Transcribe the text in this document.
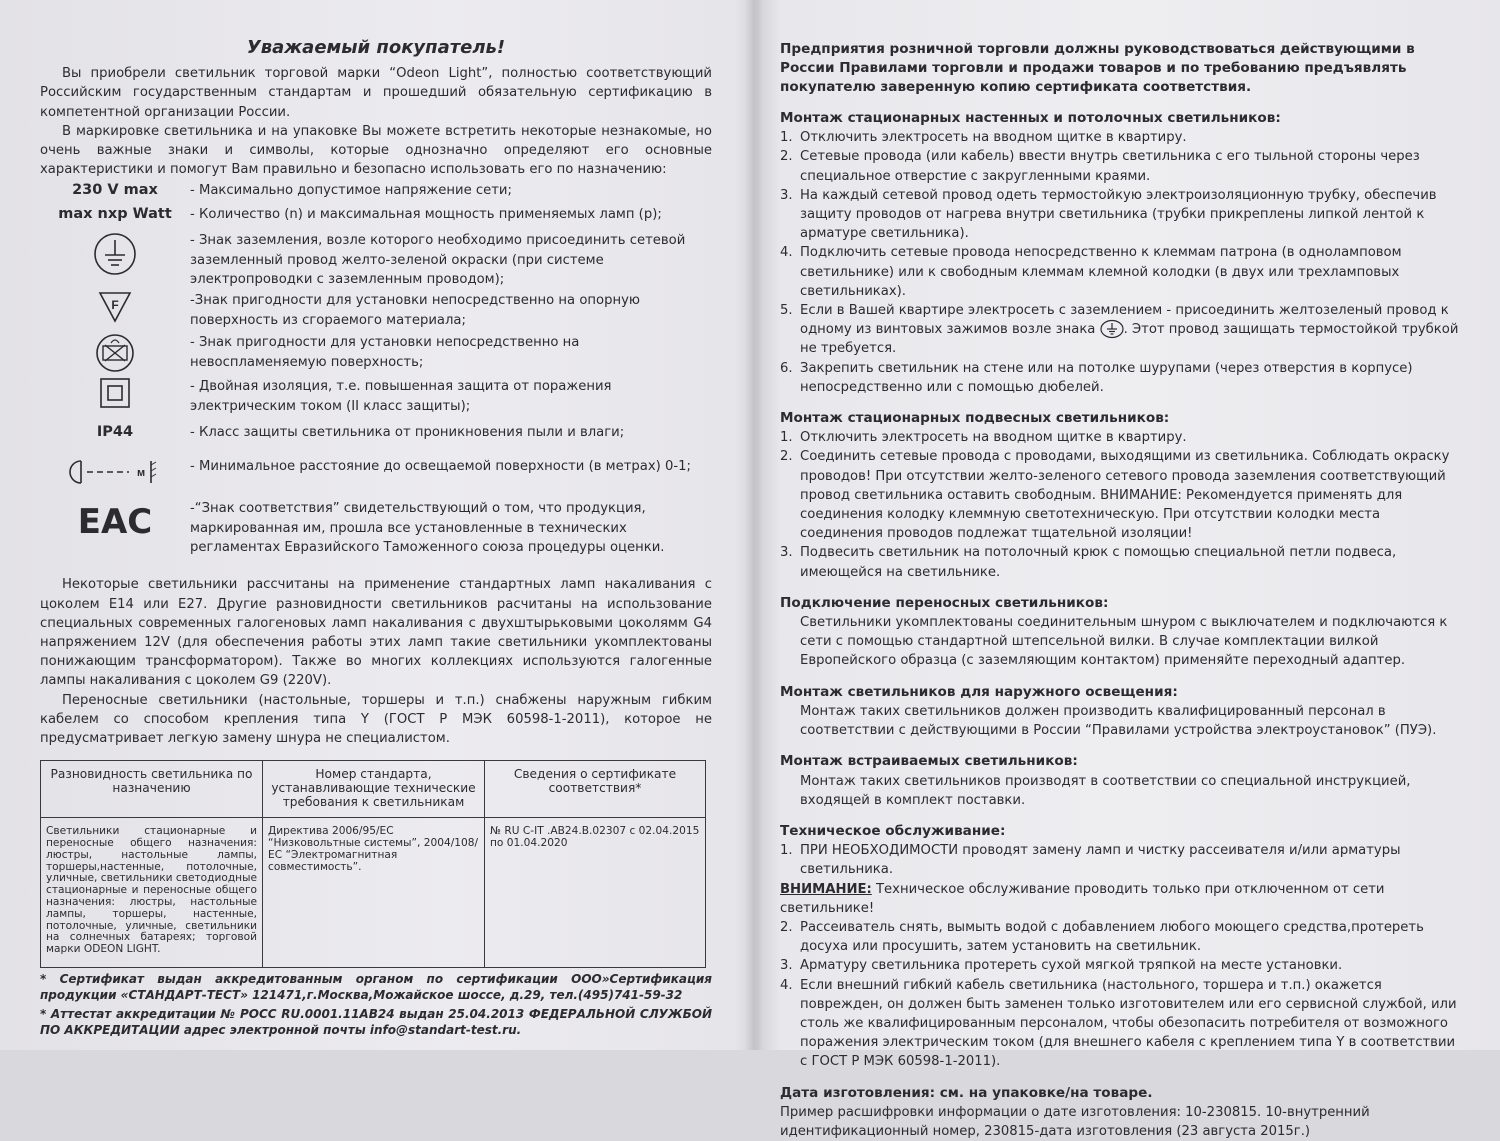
Уважаемый покупатель!

Вы приобрели светильник торговой марки “Odeon Light”, полностью соответствующий Российским государственным стандартам и прошедший обязательную сертификацию в компетентной организации России.

В маркировке светильника и на упаковке Вы можете встретить некоторые незнакомые, но очень важные знаки и символы, которые однозначно определяют его основные характеристики и помогут Вам правильно и безопасно использовать его по назначению:

230 V max	- Максимально допустимое напряжение сети;
max nxp Watt	- Количество (n) и максимальная мощность применяемых ламп (p);
- Знак заземления, возле которого необходимо присоединить сетевой заземленный провод желто-зеленой окраски (при системе электропроводки с заземленным проводом);
F	-Знак пригодности для установки непосредственно на опорную поверхность из сгораемого материала;
- Знак пригодности для установки непосредственно на невоспламеняемую поверхность;
- Двойная изоляция, т.е. повышенная защита от поражения электрическим током (II класс защиты);
IP44	- Класс защиты светильника от проникновения пыли и влаги;
м	- Минимальное расстояние до освещаемой поверхности (в метрах) 0-1;
EAC	-“Знак соответствия” свидетельствующий о том, что продукция, маркированная им, прошла все установленные в технических регламентах Евразийского Таможенного союза процедуры оценки.

Некоторые светильники рассчитаны на применение стандартных ламп накаливания с цоколем E14 или E27. Другие разновидности светильников расчитаны на использование специальных современных галогеновых ламп накаливания с двухштырьковыми цоколямм G4 напряжением 12V (для обеспечения работы этих ламп такие светильники укомплектованы понижающим трансформатором). Также во многих коллекциях используются галогенные лампы накаливания с цоколем G9 (220V).

Переносные светильники (настольные, торшеры и т.п.) снабжены наружным гибким кабелем со способом крепления типа Y (ГОСТ Р МЭК 60598-1-2011), которое не предусматривает легкую замену шнура не специалистом.

Разновидность светильника по назначению	Номер стандарта, устанавливающие технические требования к светильникам	Сведения о сертификате соответствия*
Светильники стационарные и переносные общего назначения: люстры, настольные лампы, торшеры,настенные, потолочные, уличные, светильники светодиодные стационарные и переносные общего назначения: люстры, настольные лампы, торшеры, настенные, потолочные, уличные, светильники на солнечных батареях; торговой марки ODEON LIGHT.	Директива 2006/95/ЕС “Низковольтные системы”, 2004/108/ЕС “Электромагнитная совместимость”.	№ RU C-IT .AB24.B.02307 с 02.04.2015 по 01.04.2020

* Сертификат выдан аккредитованным органом по сертификации ООО»Сертификация продукции «СТАНДАРТ-ТЕСТ» 121471,г.Москва,Можайское шоссе, д.29, тел.(495)741-59-32

* Аттестат аккредитации № РОСС RU.0001.11АВ24 выдан 25.04.2013 ФЕДЕРАЛЬНОЙ СЛУЖБОЙ ПО АККРЕДИТАЦИИ адрес электронной почты info@standart-test.ru.

Предприятия розничной торговли должны руководствоваться действующими в России Правилами торговли и продажи товаров и по требованию предъявлять покупателю заверенную копию сертификата соответствия.

Монтаж стационарных настенных и потолочных светильников:
1. Отключить электросеть на вводном щитке в квартиру.
2. Сетевые провода (или кабель) ввести внутрь светильника с его тыльной стороны через специальное отверстие с закругленными краями.
3. На каждый сетевой провод одеть термостойкую электроизоляционную трубку, обеспечив защиту проводов от нагрева внутри светильника (трубки прикреплены липкой лентой к арматуре светильника).
4. Подключить сетевые провода непосредственно к клеммам патрона (в однoламповом светильнике) или к свободным клеммам клемной колодки (в двух или трехламповых светильниках).
5. Если в Вашей квартире электросеть с заземлением - присоединить желтозеленый провод к одному из винтовых зажимов возле знака . Этот провод защищать термостойкой трубкой не требуется.
6. Закрепить светильник на стене или на потолке шурупами (через отверстия в корпусе) непосредственно или с помощью дюбелей.
Монтаж стационарных подвесных светильников:
1. Отключить электросеть на вводном щитке в квартиру.
2. Соединить сетевые провода с проводами, выходящими из светильника. Соблюдать окраску проводов! При отсутствии желто-зеленого сетевого провода заземления соответствующий провод светильника оставить свободным. ВНИМАНИЕ: Рекомендуется применять для соединения колодку клеммную светотехническую. При отсутствии колодки места соединения проводов подлежат тщательной изоляции!
3. Подвесить светильник на потолочный крюк с помощью специальной петли подвеса, имеющейся на светильнике.
Подключение переносных светильников:

Светильники укомплектованы соединительным шнуром с выключателем и подключаются к сети с помощью стандартной штепсельной вилки. В случае комплектации вилкой Европейского образца (с заземляющим контактом) применяйте переходный адаптер.

Монтаж светильников для наружного освещения:

Монтаж таких светильников должен производить квалифицированный персонал в соответствии с действующими в России “Правилами устройства электроустановок” (ПУЭ).

Монтаж встраиваемых светильников:

Монтаж таких светильников производят в соответствии со специальной инструкцией, входящей в комплект поставки.

Техническое обслуживание:
1. ПРИ НЕОБХОДИМОСТИ проводят замену ламп и чистку рассеивателя и/или арматуры светильника.
ВНИМАНИЕ: Техническое обслуживание проводить только при отключенном от сети светильнике!
2. Рассеиватель снять, вымыть водой с добавлением любого моющего средства,протереть досуха или просушить, затем установить на светильник.
3. Арматуру светильника протереть сухой мягкой тряпкой на месте установки.
4. Если внешний гибкий кабель светильника (настольного, торшера и т.п.) окажется поврежден, он должен быть заменен только изготовителем или его сервисной службой, или столь же квалифицированным персоналом, чтобы обезопасить потребителя от возможного поражения электрическим током (для внешнего кабеля с креплением типа Y в соответствии с ГОСТ Р МЭК 60598-1-2011).
Дата изготовления: см. на упаковке/на товаре.

Пример расшифровки информации о дате изготовления: 10-230815. 10-внутренний идентификационный номер, 230815-дата изготовления (23 августа 2015г.)
